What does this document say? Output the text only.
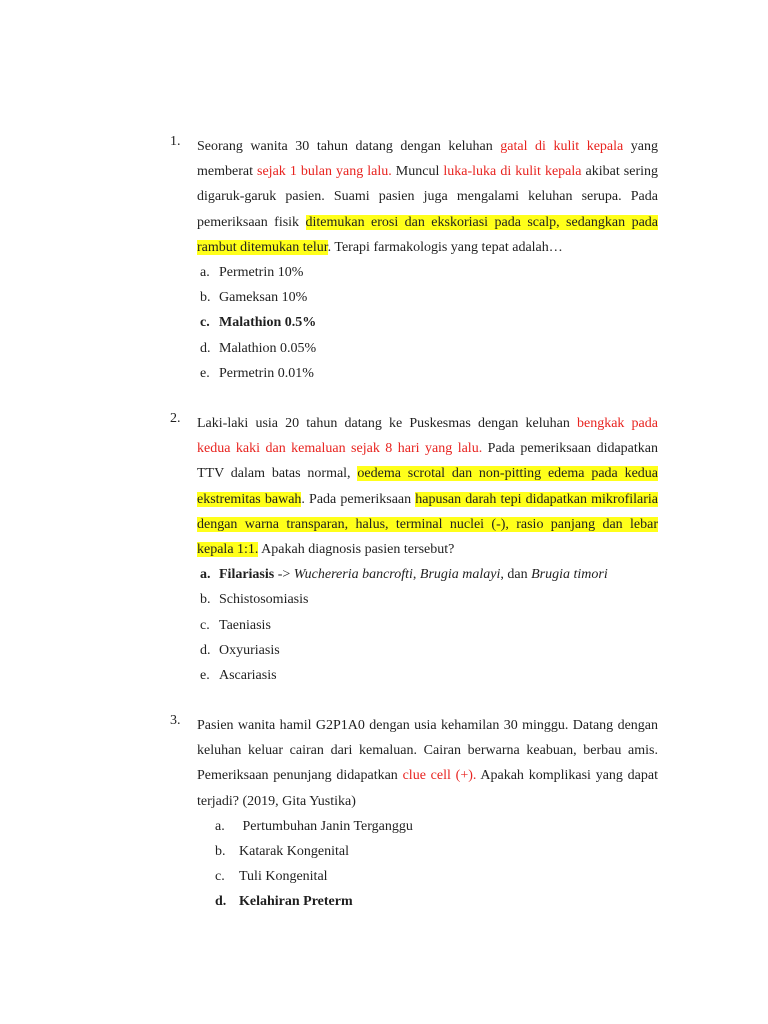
1.	Seorang wanita 30 tahun datang dengan keluhan gatal di kulit kepala yang memberat sejak 1 bulan yang lalu. Muncul luka-luka di kulit kepala akibat sering digaruk-garuk pasien. Suami pasien juga mengalami keluhan serupa. Pada pemeriksaan fisik ditemukan erosi dan ekskoriasi pada scalp, sedangkan pada rambut ditemukan telur. Terapi farmakologis yang tepat adalah…
a. Permetrin 10%
b. Gameksan 10%
c. Malathion 0.5%
d. Malathion 0.05%
e. Permetrin 0.01%
2.	Laki-laki usia 20 tahun datang ke Puskesmas dengan keluhan bengkak pada kedua kaki dan kemaluan sejak 8 hari yang lalu. Pada pemeriksaan didapatkan TTV dalam batas normal, oedema scrotal dan non-pitting edema pada kedua ekstremitas bawah. Pada pemeriksaan hapusan darah tepi didapatkan mikrofilaria dengan warna transparan, halus, terminal nuclei (-), rasio panjang dan lebar kepala 1:1. Apakah diagnosis pasien tersebut?
a. Filariasis -> Wuchereria bancrofti, Brugia malayi, dan Brugia timori
b. Schistosomiasis
c. Taeniasis
d. Oxyuriasis
e. Ascariasis
3.	Pasien wanita hamil G2P1A0 dengan usia kehamilan 30 minggu. Datang dengan keluhan keluar cairan dari kemaluan. Cairan berwarna keabuan, berbau amis. Pemeriksaan penunjang didapatkan clue cell (+). Apakah komplikasi yang dapat terjadi? (2019, Gita Yustika)
a. Pertumbuhan Janin Terganggu
b. Katarak Kongenital
c. Tuli Kongenital
d. Kelahiran Preterm
